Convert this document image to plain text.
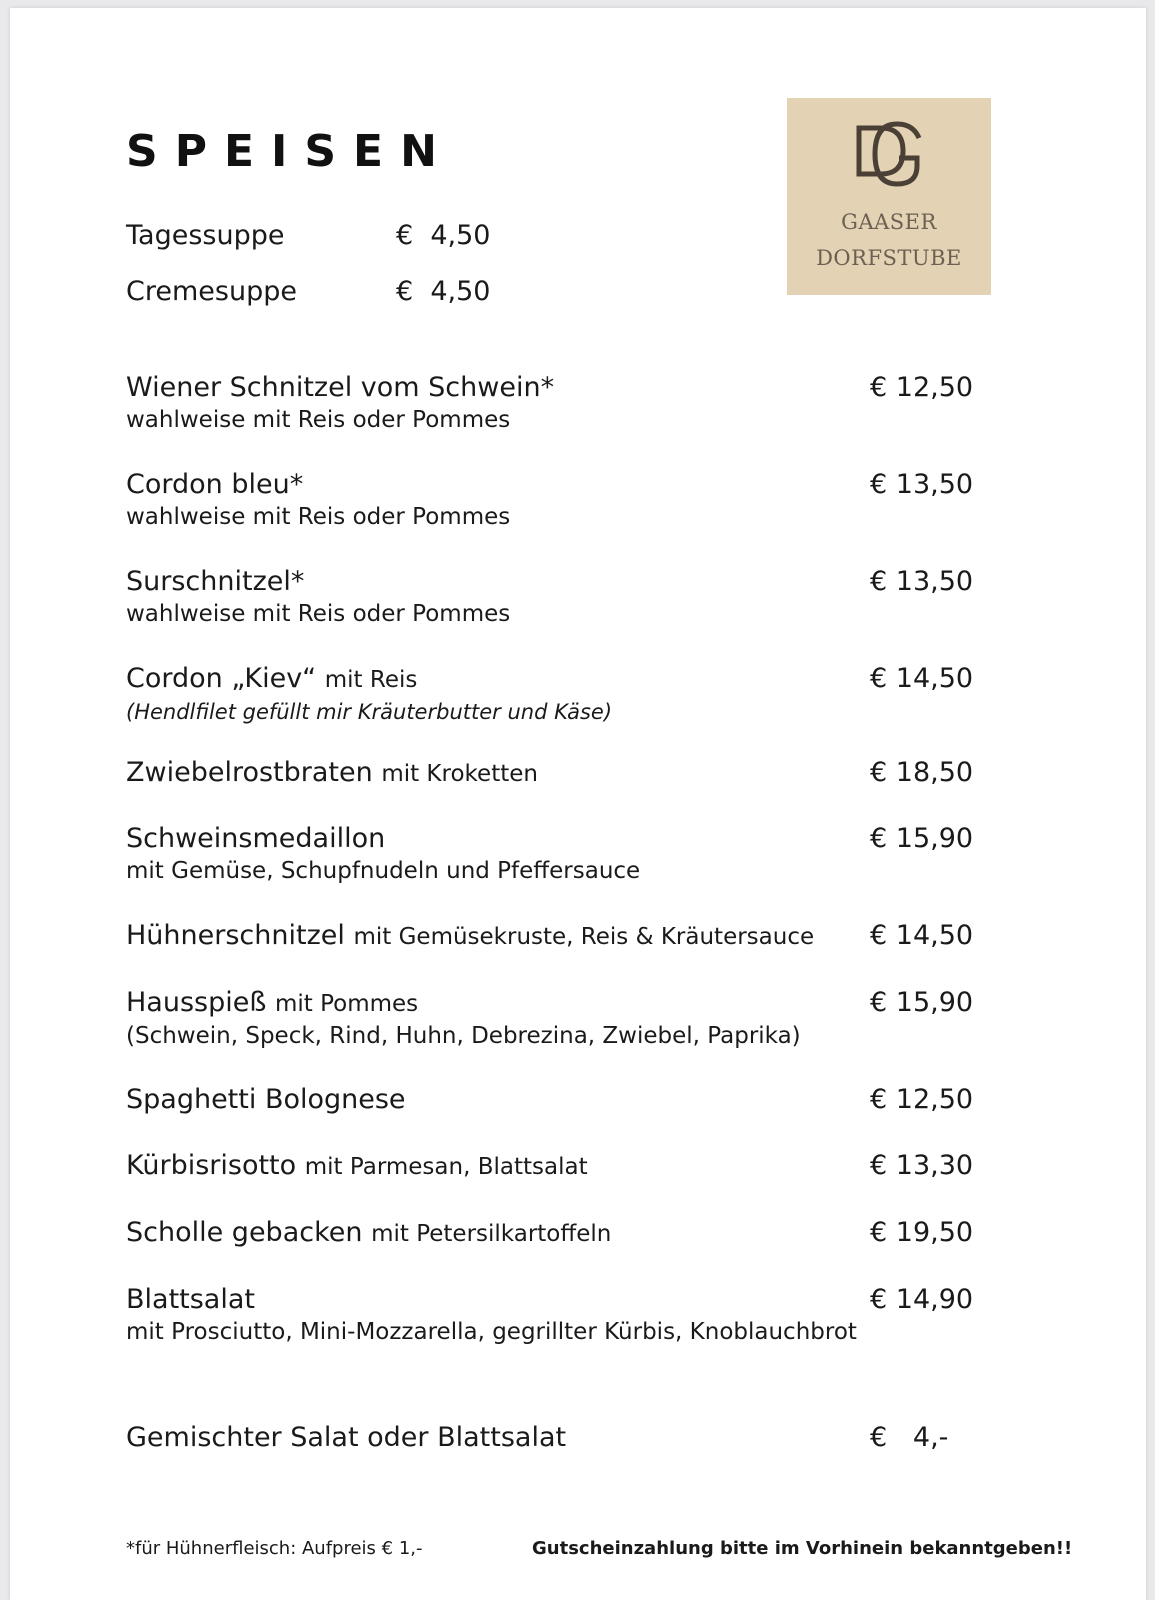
SPEISEN
GAASER
DORFSTUBE
Tagessuppe	€  4,50
Cremesuppe	€  4,50
Wiener Schnitzel vom Schwein*
wahlweise mit Reis oder Pommes
€ 12,50
Cordon bleu*
wahlweise mit Reis oder Pommes
€ 13,50
Surschnitzel*
wahlweise mit Reis oder Pommes
€ 13,50
Cordon „Kiev“ mit Reis
(Hendlfilet gefüllt mir Kräuterbutter und Käse)
€ 14,50
Zwiebelrostbraten mit Kroketten	€ 18,50
Schweinsmedaillon
mit Gemüse, Schupfnudeln und Pfeffersauce
€ 15,90
Hühnerschnitzel mit Gemüsekruste, Reis & Kräutersauce	€ 14,50
Hausspieß mit Pommes
(Schwein, Speck, Rind, Huhn, Debrezina, Zwiebel, Paprika)
€ 15,90
Spaghetti Bolognese	€ 12,50
Kürbisrisotto mit Parmesan, Blattsalat	€ 13,30
Scholle gebacken mit Petersilkartoffeln	€ 19,50
Blattsalat
mit Prosciutto, Mini-Mozzarella, gegrillter Kürbis, Knoblauchbrot
€ 14,90
Gemischter Salat oder Blattsalat	€   4,-
*für Hühnerfleisch: Aufpreis € 1,-	Gutscheinzahlung bitte im Vorhinein bekanntgeben!!
